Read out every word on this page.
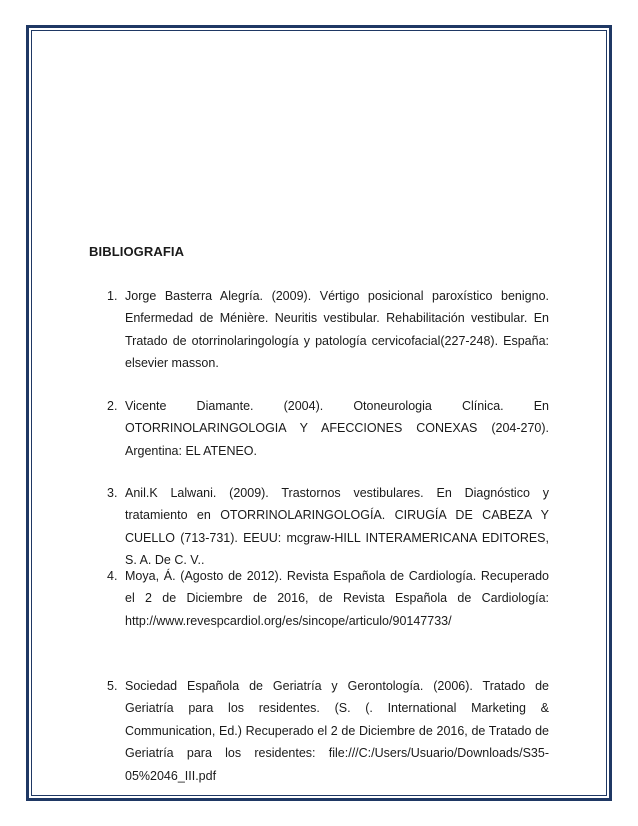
BIBLIOGRAFIA
1. Jorge Basterra Alegría. (2009). Vértigo posicional paroxístico benigno. Enfermedad de Ménière. Neuritis vestibular. Rehabilitación vestibular. En Tratado de otorrinolaringología y patología cervicofacial(227-248). España: elsevier masson.
2. Vicente Diamante. (2004). Otoneurologia Clínica. En OTORRINOLARINGOLOGIA Y AFECCIONES CONEXAS (204-270). Argentina: EL ATENEO.
3. Anil.K Lalwani. (2009). Trastornos vestibulares. En Diagnóstico y tratamiento en OTORRINOLARINGOLOGÍA. CIRUGÍA DE CABEZA Y CUELLO (713-731). EEUU: mcgraw-HILL INTERAMERICANA EDITORES, S. A. De C. V..
4. Moya, Á. (Agosto de 2012). Revista Española de Cardiología. Recuperado el 2 de Diciembre de 2016, de Revista Española de Cardiología: http://www.revespcardiol.org/es/sincope/articulo/90147733/
5. Sociedad Española de Geriatría y Gerontología. (2006). Tratado de Geriatría para los residentes. (S. (. International Marketing & Communication, Ed.) Recuperado el 2 de Diciembre de 2016, de Tratado de Geriatría para los residentes: file:///C:/Users/Usuario/Downloads/S35-05%2046_III.pdf
